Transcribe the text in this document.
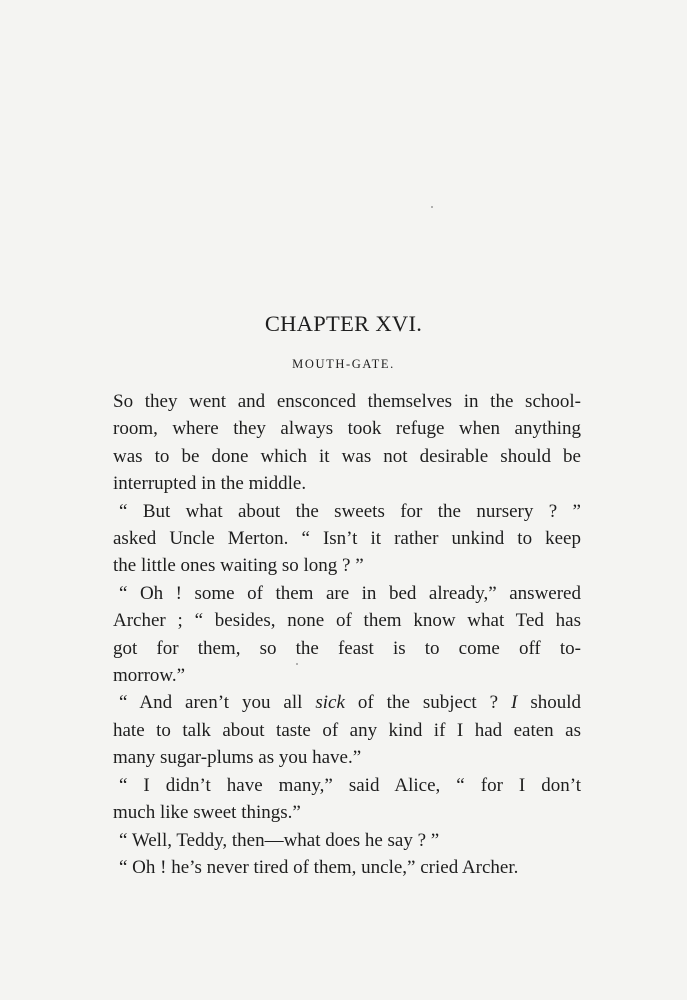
CHAPTER XVI.
MOUTH-GATE.
So they went and ensconced themselves in the school-
room, where they always took refuge when anything
was to be done which it was not desirable should be
interrupted in the middle.
“ But what about the sweets for the nursery ? ”
asked Uncle Merton. “ Isn’t it rather unkind to keep
the little ones waiting so long ? ”
“ Oh ! some of them are in bed already,” answered
Archer ; “ besides, none of them know what Ted has
got for them, so the feast is to come off to-
morrow.”
“ And aren’t you all sick of the subject ? I should
hate to talk about taste of any kind if I had eaten as
many sugar-plums as you have.”
“ I didn’t have many,” said Alice, “ for I don’t
much like sweet things.”
“ Well, Teddy, then—what does he say ? ”
“ Oh ! he’s never tired of them, uncle,” cried Archer.
